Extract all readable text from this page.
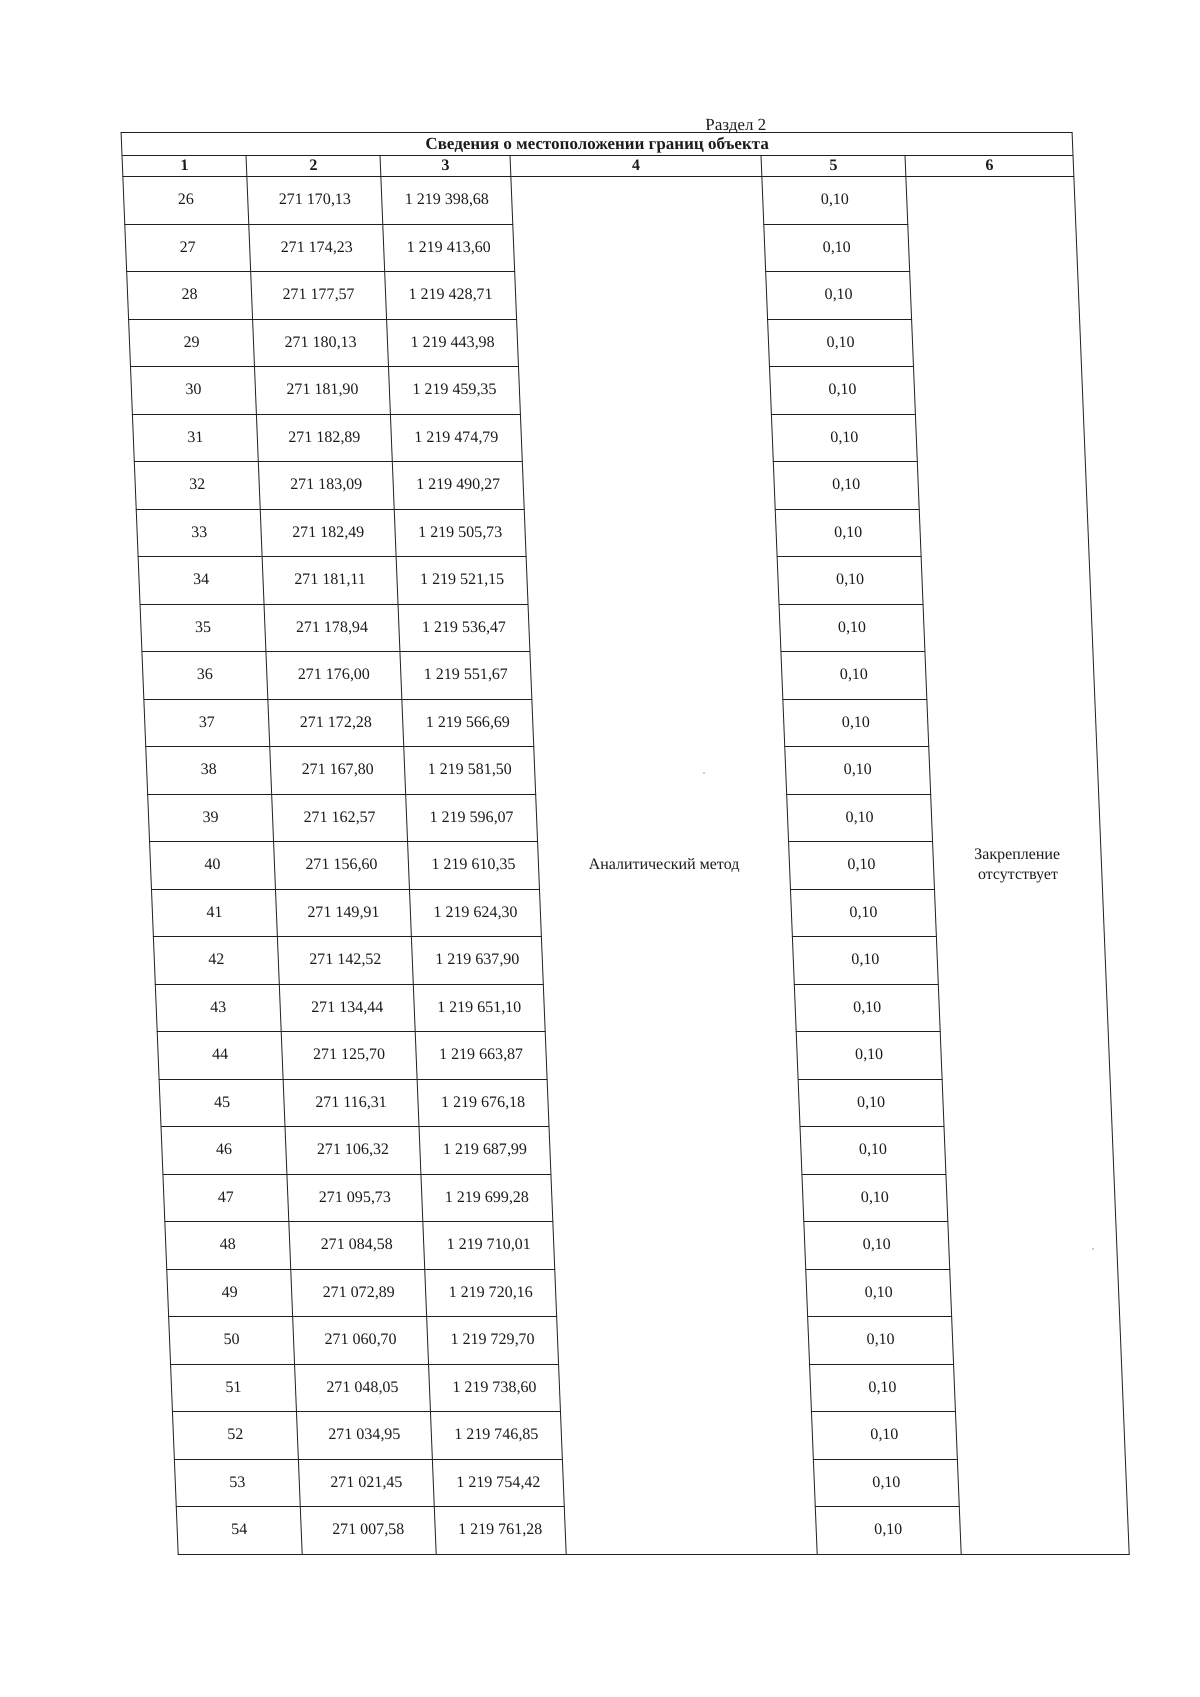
Раздел 2
Сведения о местоположении границ объекта					
1	2	3	4	5	6
26	271 170,13	1 219 398,68	Аналитический метод	0,10	Закрепление
отсутствует

27	271 174,23	1 219 413,60		0,10	
28	271 177,57	1 219 428,71		0,10	
29	271 180,13	1 219 443,98		0,10	
30	271 181,90	1 219 459,35		0,10	
31	271 182,89	1 219 474,79		0,10	
32	271 183,09	1 219 490,27		0,10	
33	271 182,49	1 219 505,73		0,10	
34	271 181,11	1 219 521,15		0,10	
35	271 178,94	1 219 536,47		0,10	
36	271 176,00	1 219 551,67		0,10	
37	271 172,28	1 219 566,69		0,10	
38	271 167,80	1 219 581,50		0,10	
39	271 162,57	1 219 596,07		0,10	
40	271 156,60	1 219 610,35		0,10	
41	271 149,91	1 219 624,30		0,10	
42	271 142,52	1 219 637,90		0,10	
43	271 134,44	1 219 651,10		0,10	
44	271 125,70	1 219 663,87		0,10	
45	271 116,31	1 219 676,18		0,10	
46	271 106,32	1 219 687,99		0,10	
47	271 095,73	1 219 699,28		0,10	
48	271 084,58	1 219 710,01		0,10	
49	271 072,89	1 219 720,16		0,10	
50	271 060,70	1 219 729,70		0,10	
51	271 048,05	1 219 738,60		0,10	
52	271 034,95	1 219 746,85		0,10	
53	271 021,45	1 219 754,42		0,10	
54	271 007,58	1 219 761,28		0,10	
